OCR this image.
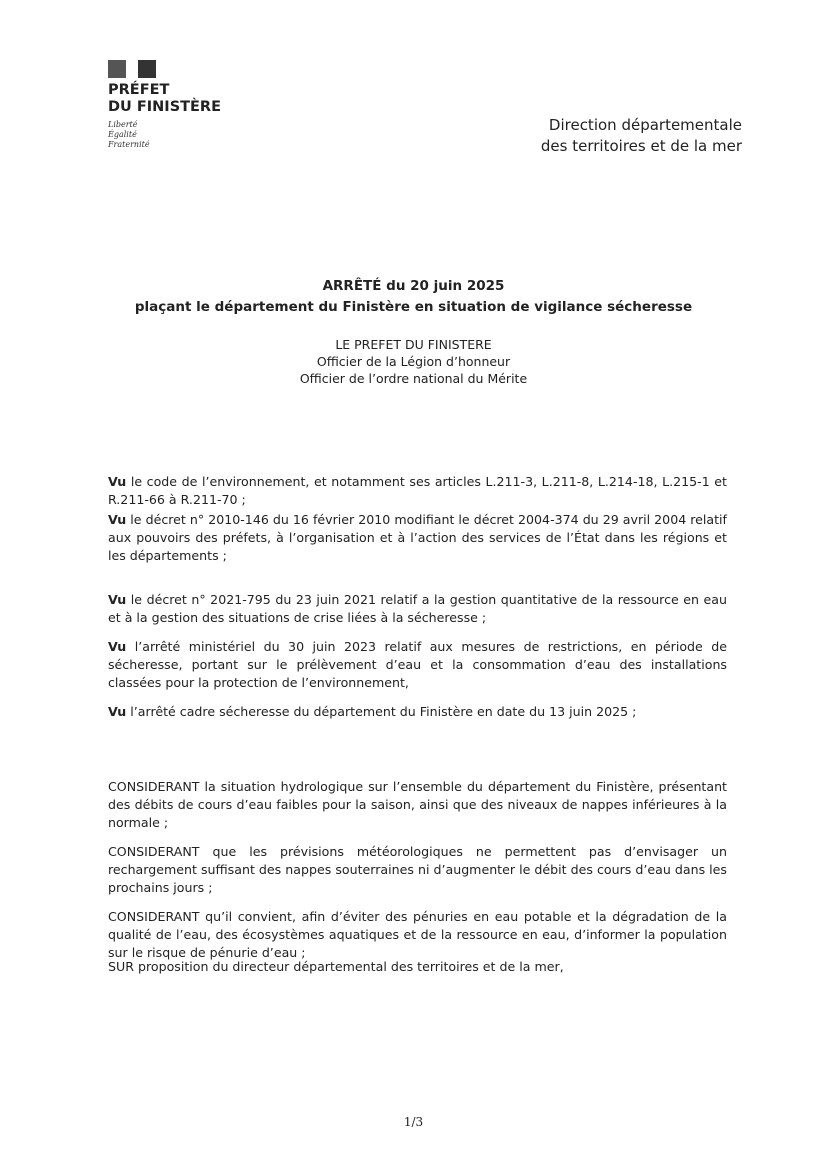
PRÉFET
DU FINISTÈRE
Liberté
Égalité
Fraternité
Direction départementale
des territoires et de la mer
ARRÊTÉ du 20 juin 2025
plaçant le département du Finistère en situation de vigilance sécheresse
LE PREFET DU FINISTERE
Officier de la Légion d’honneur
Officier de l’ordre national du Mérite
Vu le code de l’environnement, et notamment ses articles L.211-3, L.211-8, L.214-18, L.215-1 et R.211-66 à R.211-70 ;
Vu le décret n° 2010-146 du 16 février 2010 modifiant le décret 2004-374 du 29 avril 2004 relatif aux pouvoirs des préfets, à l’organisation et à l’action des services de l’État dans les régions et les départements ;
Vu le décret n° 2021-795 du 23 juin 2021 relatif a la gestion quantitative de la ressource en eau et à la gestion des situations de crise liées à la sécheresse ;
Vu l’arrêté ministériel du 30 juin 2023 relatif aux mesures de restrictions, en période de sécheresse, portant sur le prélèvement d’eau et la consommation d’eau des installations classées pour la protection de l’environnement,
Vu l’arrêté cadre sécheresse du département du Finistère en date du 13 juin 2025 ;
CONSIDERANT la situation hydrologique sur l’ensemble du département du Finistère, présentant des débits de cours d’eau faibles pour la saison, ainsi que des niveaux de nappes inférieures à la normale ;
CONSIDERANT que les prévisions météorologiques ne permettent pas d’envisager un rechargement suffisant des nappes souterraines ni d’augmenter le débit des cours d’eau dans les prochains jours ;
CONSIDERANT qu’il convient, afin d’éviter des pénuries en eau potable et la dégradation de la qualité de l’eau, des écosystèmes aquatiques et de la ressource en eau, d’informer la population sur le risque de pénurie d’eau ;
SUR proposition du directeur départemental des territoires et de la mer,
1/3
